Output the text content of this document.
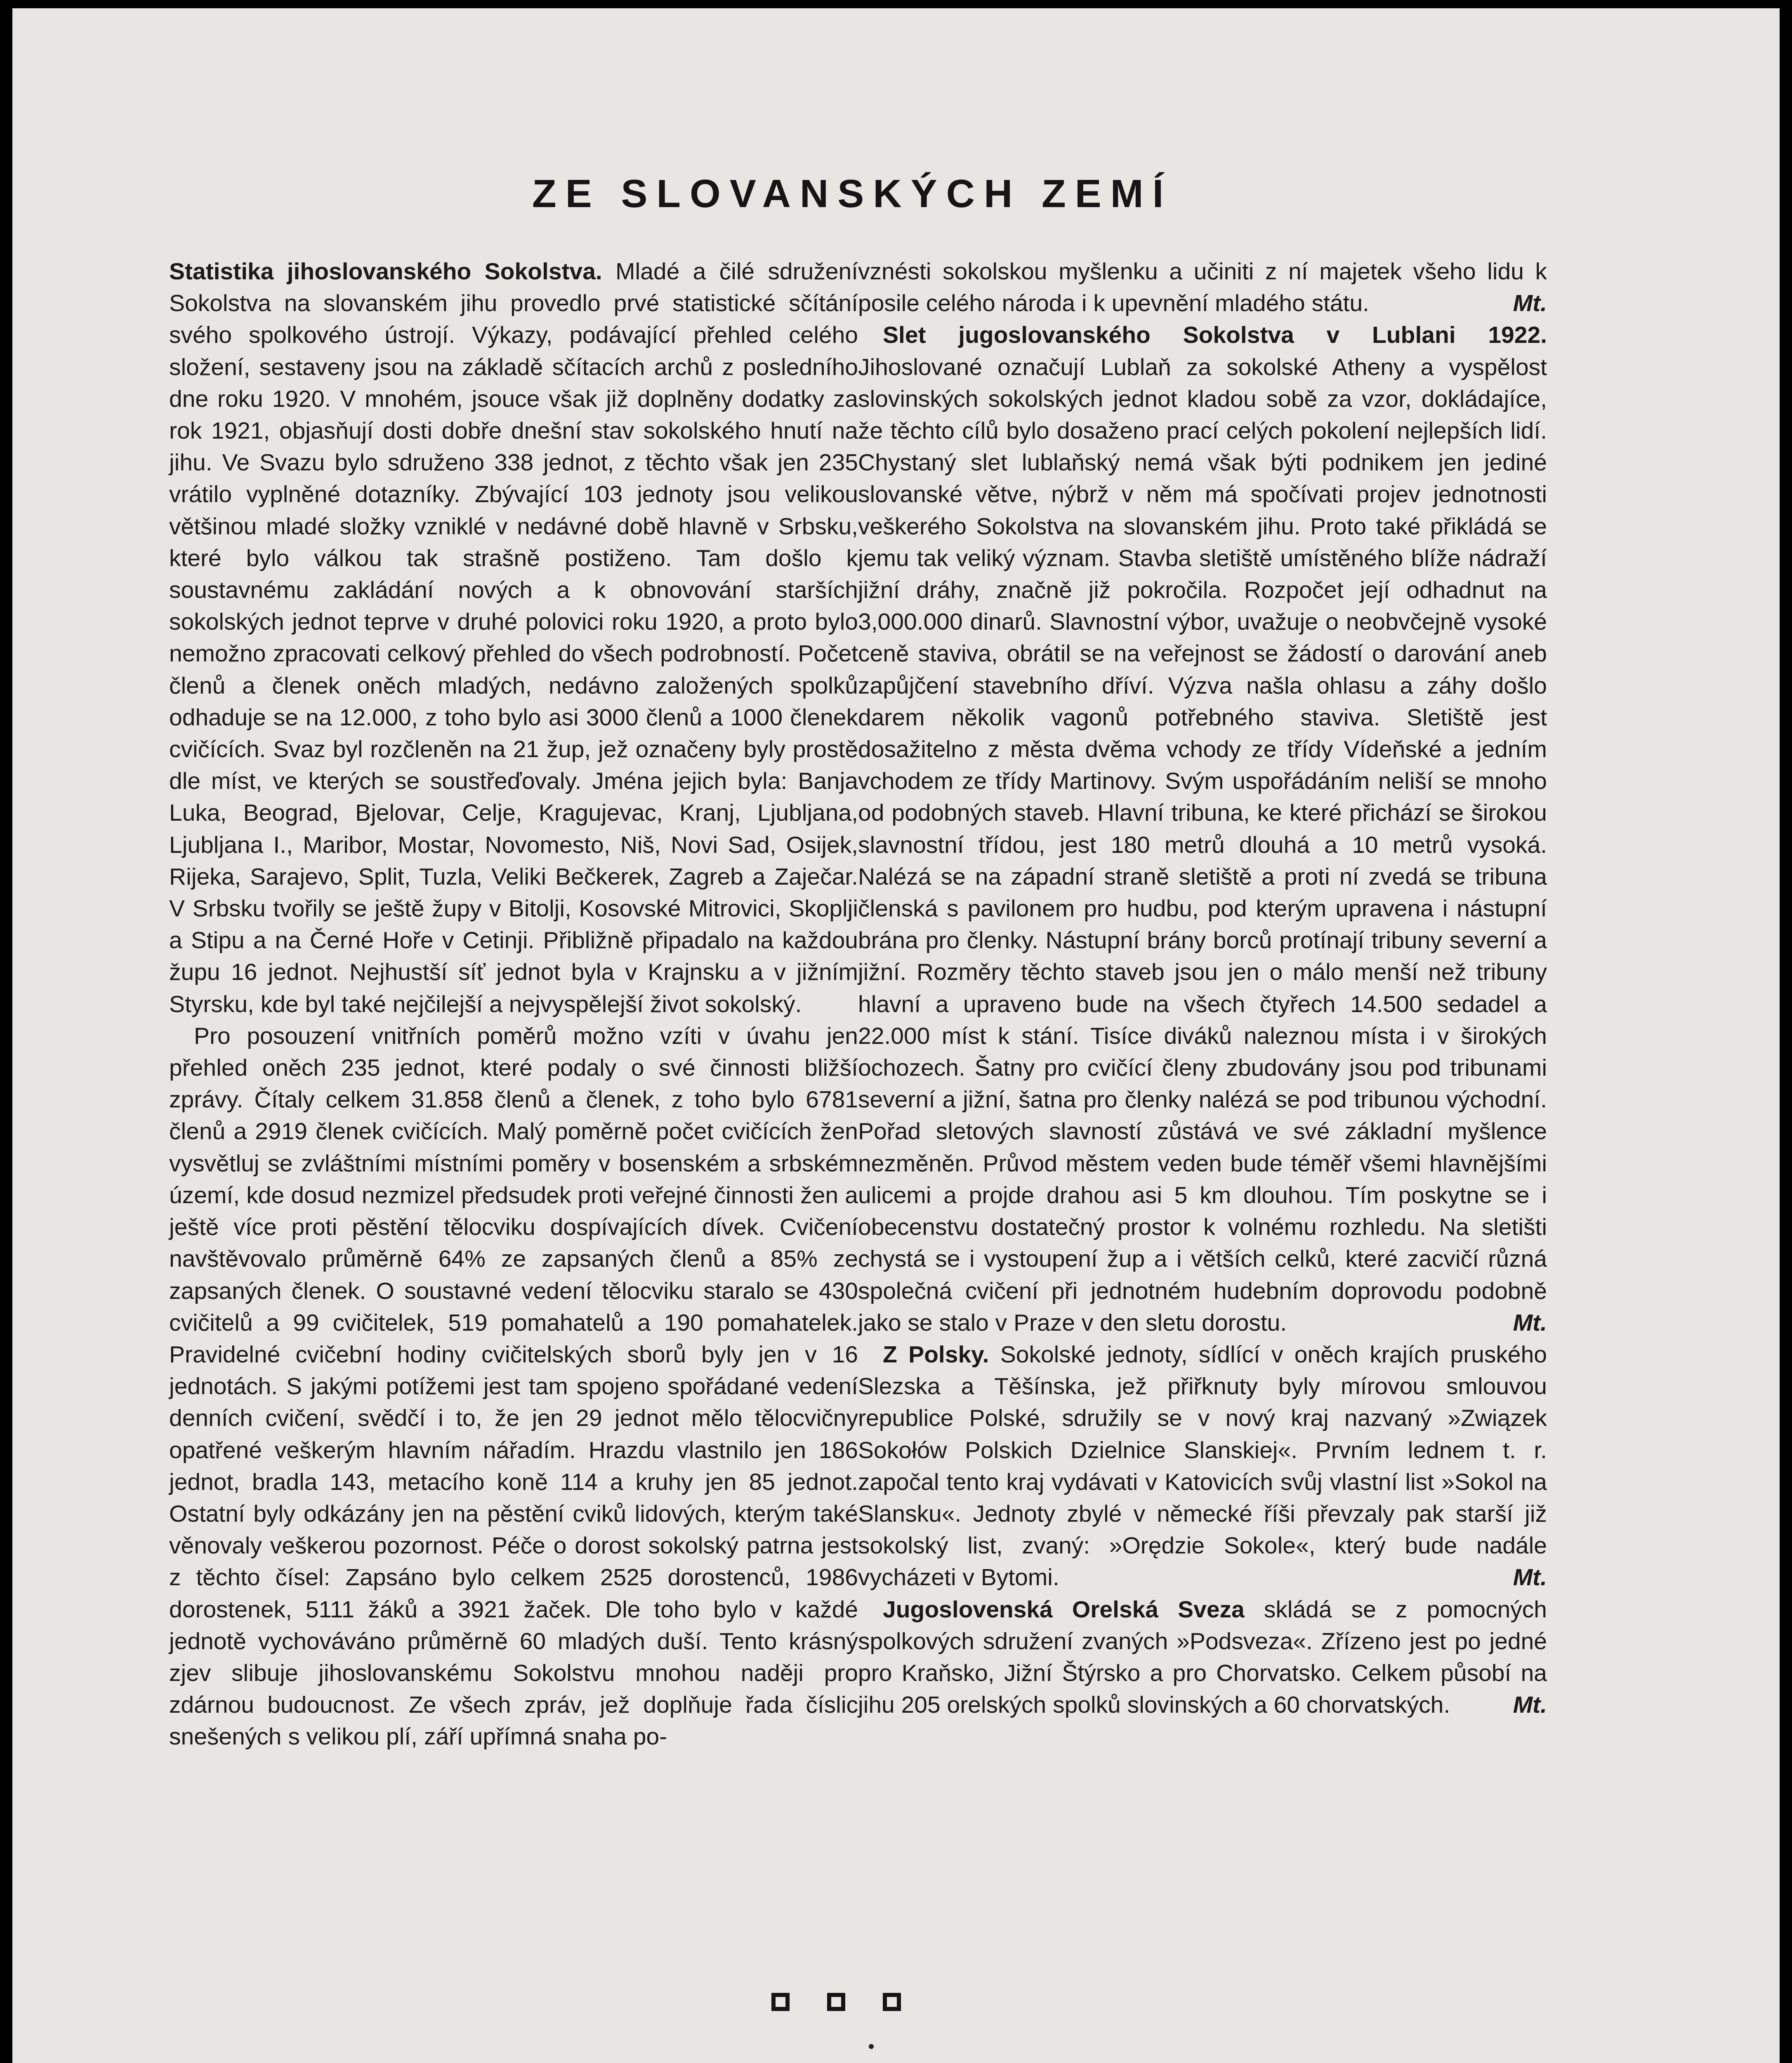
ZE SLOVANSKÝCH ZEMÍ

Statistika jihoslovanského Sokolstva. Mladé a čilé sdružení Sokolstva na slovanském jihu provedlo prvé statistické sčítání svého spolkového ústrojí. Výkazy, podávající přehled celého složení, sestaveny jsou na základě sčítacích archů z posledního dne roku 1920. V mnohém, jsouce však již doplněny dodatky za rok 1921, objasňují dosti dobře dnešní stav sokolského hnutí na jihu. Ve Svazu bylo sdruženo 338 jednot, z těchto však jen 235 vrátilo vyplněné dotazníky. Zbývající 103 jednoty jsou velikou většinou mladé složky vzniklé v nedávné době hlavně v Srbsku, které bylo válkou tak strašně postiženo. Tam došlo k soustavnému zakládání nových a k obnovování starších sokolských jednot teprve v druhé polovici roku 1920, a proto bylo nemožno zpracovati celkový přehled do všech podrobností. Počet členů a členek oněch mladých, nedávno založených spolků odhaduje se na 12.000, z toho bylo asi 3000 členů a 1000 členek cvičících. Svaz byl rozčleněn na 21 žup, jež označeny byly prostě dle míst, ve kterých se soustřeďovaly. Jména jejich byla: Banja Luka, Beograd, Bjelovar, Celje, Kragujevac, Kranj, Ljubljana, Ljubljana I., Maribor, Mostar, Novomesto, Niš, Novi Sad, Osijek, Rijeka, Sarajevo, Split, Tuzla, Veliki Bečkerek, Zagreb a Zaječar. V Srbsku tvořily se ještě župy v Bitolji, Kosovské Mitrovici, Skoplji a Stipu a na Černé Hoře v Cetinji. Přibližně připadalo na každou župu 16 jednot. Nejhustší síť jednot byla v Krajnsku a v jižním Styrsku, kde byl také nejčilejší a nejvyspělejší život sokolský.

Pro posouzení vnitřních poměrů možno vzíti v úvahu jen přehled oněch 235 jednot, které podaly o své činnosti bližší zprávy. Čítaly celkem 31.858 členů a členek, z toho bylo 6781 členů a 2919 členek cvičících. Malý poměrně počet cvičících žen vysvětluj se zvláštními místními poměry v bosenském a srbském území, kde dosud nezmizel předsudek proti veřejné činnosti žen a ještě více proti pěstění tělocviku dospívajících dívek. Cvičení navštěvovalo průměrně 64% ze zapsaných členů a 85% ze zapsaných členek. O soustavné vedení tělocviku staralo se 430 cvičitelů a 99 cvičitelek, 519 pomahatelů a 190 pomahatelek. Pravidelné cvičební hodiny cvičitelských sborů byly jen v 16 jednotách. S jakými potížemi jest tam spojeno spořádané vedení denních cvičení, svědčí i to, že jen 29 jednot mělo tělocvičny opatřené veškerým hlavním nářadím. Hrazdu vlastnilo jen 186 jednot, bradla 143, metacího koně 114 a kruhy jen 85 jednot. Ostatní byly odkázány jen na pěstění cviků lidových, kterým také věnovaly veškerou pozornost. Péče o dorost sokolský patrna jest z těchto čísel: Zapsáno bylo celkem 2525 dorostenců, 1986 dorostenek, 5111 žáků a 3921 žaček. Dle toho bylo v každé jednotě vychováváno průměrně 60 mladých duší. Tento krásný zjev slibuje jihoslovanskému Sokolstvu mnohou naději pro zdárnou budoucnost. Ze všech zpráv, jež doplňuje řada číslic snešených s velikou plí, září upřímná snaha po-

vznésti sokolskou myšlenku a učiniti z ní majetek všeho lidu k posile celého národa i k upevnění mladého státu.	Mt.

Slet jugoslovanského Sokolstva v Lublani 1922. Jihoslované označují Lublaň za sokolské Atheny a vyspělost slovinských sokolských jednot kladou sobě za vzor, dokládajíce, že těchto cílů bylo dosaženo prací celých pokolení nejlepších lidí. Chystaný slet lublaňský nemá však býti podnikem jen jediné slovanské větve, nýbrž v něm má spočívati projev jednotnosti veškerého Sokolstva na slovanském jihu. Proto také přikládá se jemu tak veliký význam. Stavba sletiště umístěného blíže nádraží jižní dráhy, značně již pokročila. Rozpočet její odhadnut na 3,000.000 dinarů. Slavnostní výbor, uvažuje o neobvčejně vysoké ceně staviva, obrátil se na veřejnost se žádostí o darování aneb zapůjčení stavebního dříví. Výzva našla ohlasu a záhy došlo darem několik vagonů potřebného staviva. Sletiště jest dosažitelno z města dvěma vchody ze třídy Vídeňské a jedním vchodem ze třídy Martinovy. Svým uspořádáním neliší se mnoho od podobných staveb. Hlavní tribuna, ke které přichází se širokou slavnostní třídou, jest 180 metrů dlouhá a 10 metrů vysoká. Nalézá se na západní straně sletiště a proti ní zvedá se tribuna členská s pavilonem pro hudbu, pod kterým upravena i nástupní brána pro členky. Nástupní brány borců protínají tribuny severní a jižní. Rozměry těchto staveb jsou jen o málo menší než tribuny hlavní a upraveno bude na všech čtyřech 14.500 sedadel a 22.000 míst k stání. Tisíce diváků naleznou místa i v širokých ochozech. Šatny pro cvičící členy zbudovány jsou pod tribunami severní a jižní, šatna pro členky nalézá se pod tribunou východní. Pořad sletových slavností zůstává ve své základní myšlence nezměněn. Průvod městem veden bude téměř všemi hlavnějšími ulicemi a projde drahou asi 5 km dlouhou. Tím poskytne se i obecenstvu dostatečný prostor k volnému rozhledu. Na sletišti chystá se i vystoupení žup a i větších celků, které zacvičí různá společná cvičení při jednotném hudebním doprovodu podobně jako se stalo v Praze v den sletu dorostu.	Mt.

Z Polsky. Sokolské jednoty, sídlící v oněch krajích pruského Slezska a Těšínska, jež přiřknuty byly mírovou smlouvou republice Polské, sdružily se v nový kraj nazvaný »Związek Sokołów Polskich Dzielnice Slanskiej«. Prvním lednem t. r. započal tento kraj vydávati v Katovicích svůj vlastní list »Sokol na Slansku«. Jednoty zbylé v německé říši převzaly pak starší již sokolský list, zvaný: »Orędzie Sokole«, který bude nadále vycházeti v Bytomi.	Mt.

Jugoslovenská Orelská Sveza skládá se z pomocných spolkových sdružení zvaných »Podsveza«. Zřízeno jest po jedné pro Kraňsko, Jižní Štýrsko a pro Chorvatsko. Celkem působí na jihu 205 orelských spolků slovinských a 60 chorvatských.	Mt.
